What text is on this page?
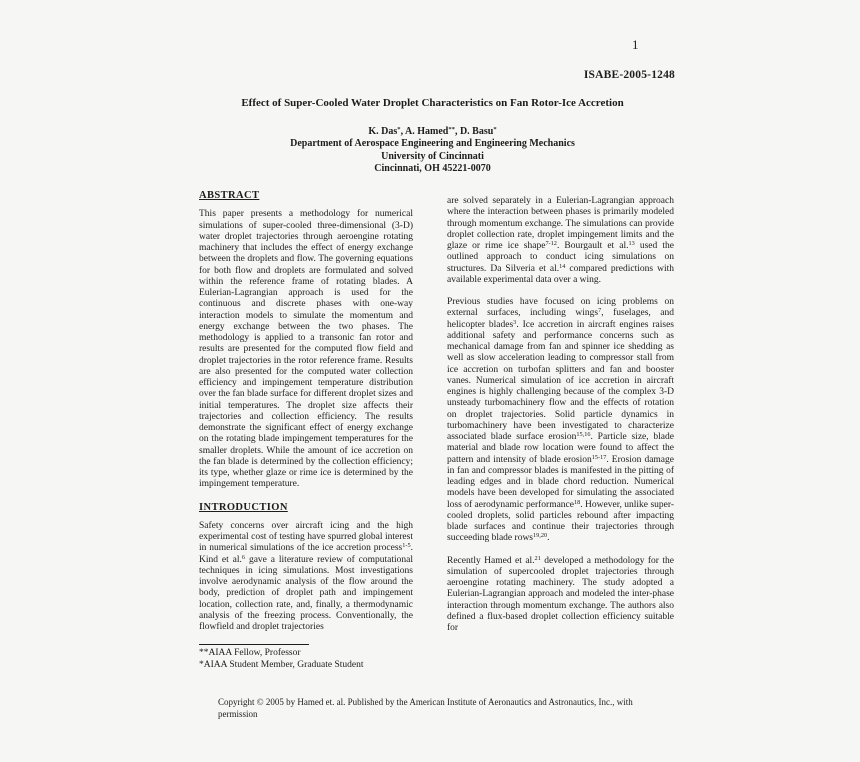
1
ISABE-2005-1248
Effect of Super-Cooled Water Droplet Characteristics on Fan Rotor-Ice Accretion
K. Das*, A. Hamed**, D. Basu*
Department of Aerospace Engineering and Engineering Mechanics
University of Cincinnati
Cincinnati, OH 45221-0070
ABSTRACT

This paper presents a methodology for numerical simulations of super-cooled three-dimensional (3-D) water droplet trajectories through aeroengine rotating machinery that includes the effect of energy exchange between the droplets and flow. The governing equations for both flow and droplets are formulated and solved within the reference frame of rotating blades. A Eulerian-Lagrangian approach is used for the continuous and discrete phases with one-way interaction models to simulate the momentum and energy exchange between the two phases. The methodology is applied to a transonic fan rotor and results are presented for the computed flow field and droplet trajectories in the rotor reference frame. Results are also presented for the computed water collection efficiency and impingement temperature distribution over the fan blade surface for different droplet sizes and initial temperatures. The droplet size affects their trajectories and collection efficiency. The results demonstrate the significant effect of energy exchange on the rotating blade impingement temperatures for the smaller droplets. While the amount of ice accretion on the fan blade is determined by the collection efficiency; its type, whether glaze or rime ice is determined by the impingement temperature.

INTRODUCTION

Safety concerns over aircraft icing and the high experimental cost of testing have spurred global interest in numerical simulations of the ice accretion process$^{1-5}$. Kind et al.$^6$ gave a literature review of computational techniques in icing simulations. Most investigations involve aerodynamic analysis of the flow around the body, prediction of droplet path and impingement location, collection rate, and, finally, a thermodynamic analysis of the freezing process. Conventionally, the flowfield and droplet trajectories

**AIAA Fellow, Professor
*AIAA Student Member, Graduate Student

are solved separately in a Eulerian-Lagrangian approach where the interaction between phases is primarily modeled through momentum exchange. The simulations can provide droplet collection rate, droplet impingement limits and the glaze or rime ice shape$^{7-12}$. Bourgault et al.$^{13}$ used the outlined approach to conduct icing simulations on structures. Da Silveria et al.$^{14}$ compared predictions with available experimental data over a wing.

Previous studies have focused on icing problems on external surfaces, including wings$^7$, fuselages, and helicopter blades$^3$. Ice accretion in aircraft engines raises additional safety and performance concerns such as mechanical damage from fan and spinner ice shedding as well as slow acceleration leading to compressor stall from ice accretion on turbofan splitters and fan and booster vanes. Numerical simulation of ice accretion in aircraft engines is highly challenging because of the complex 3-D unsteady turbomachinery flow and the effects of rotation on droplet trajectories. Solid particle dynamics in turbomachinery have been investigated to characterize associated blade surface erosion$^{15,16}$. Particle size, blade material and blade row location were found to affect the pattern and intensity of blade erosion$^{15-17}$. Erosion damage in fan and compressor blades is manifested in the pitting of leading edges and in blade chord reduction. Numerical models have been developed for simulating the associated loss of aerodynamic performance$^{18}$. However, unlike super-cooled droplets, solid particles rebound after impacting blade surfaces and continue their trajectories through succeeding blade rows$^{19,20}$.

Recently Hamed et al.$^{21}$ developed a methodology for the simulation of supercooled droplet trajectories through aeroengine rotating machinery. The study adopted a Eulerian-Lagrangian approach and modeled the inter-phase interaction through momentum exchange. The authors also defined a flux-based droplet collection efficiency suitable for

Copyright © 2005 by Hamed et. al. Published by the American Institute of Aeronautics and Astronautics, Inc., with permission
